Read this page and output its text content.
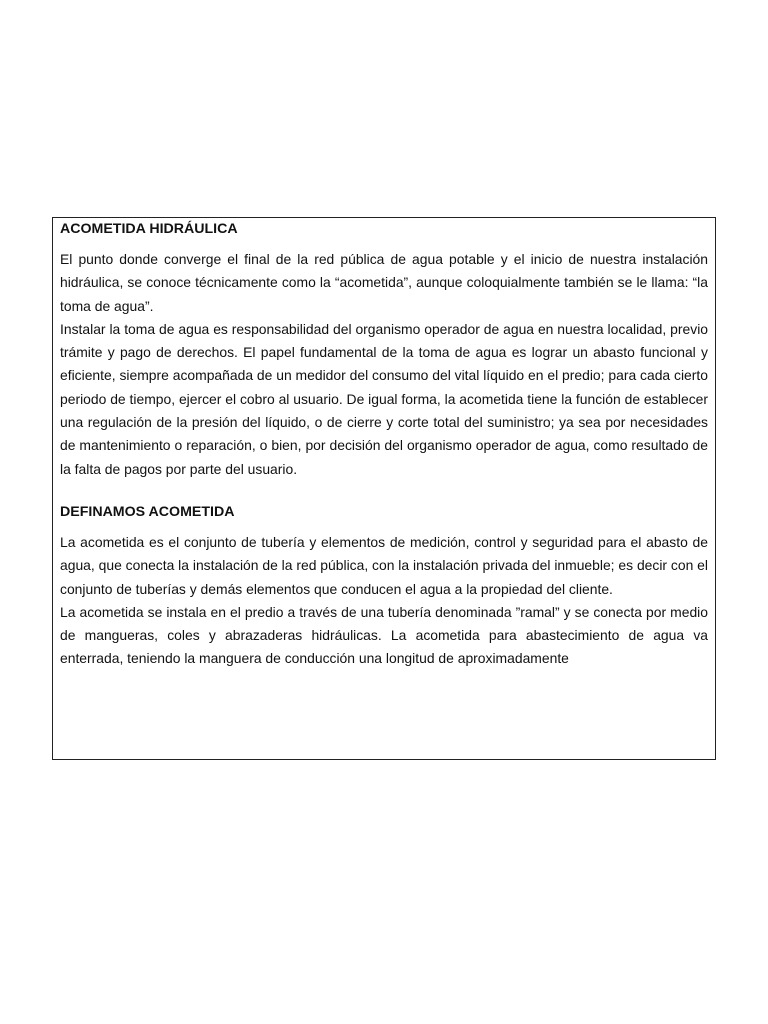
ACOMETIDA HIDRÁULICA

El punto donde converge el final de la red pública de agua potable y el inicio de nuestra instalación hidráulica, se conoce técnicamente como la “acometida”, aunque coloquialmente también se le llama: “la toma de agua”.

Instalar la toma de agua es responsabilidad del organismo operador de agua en nuestra localidad, previo trámite y pago de derechos. El papel fundamental de la toma de agua es lograr un abasto funcional y eficiente, siempre acompañada de un medidor del consumo del vital líquido en el predio; para cada cierto periodo de tiempo, ejercer el cobro al usuario. De igual forma, la acometida tiene la función de establecer una regulación de la presión del líquido, o de cierre y corte total del suministro; ya sea por necesidades de mantenimiento o reparación, o bien, por decisión del organismo operador de agua, como resultado de la falta de pagos por parte del usuario.

DEFINAMOS ACOMETIDA

La acometida es el conjunto de tubería y elementos de medición, control y seguridad para el abasto de agua, que conecta la instalación de la red pública, con la instalación privada del inmueble; es decir con el conjunto de tuberías y demás elementos que conducen el agua a la propiedad del cliente.

La acometida se instala en el predio a través de una tubería denominada ”ramal” y se conecta por medio de mangueras, coles y abrazaderas hidráulicas. La acometida para abastecimiento de agua va enterrada, teniendo la manguera de conducción una longitud de aproximadamente
